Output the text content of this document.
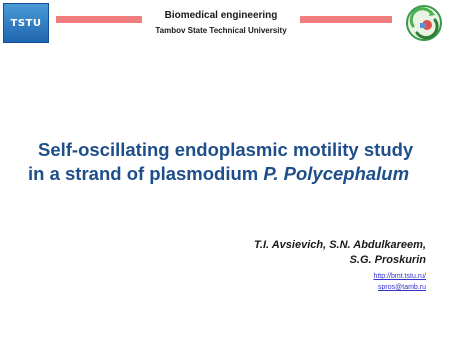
TSTU
Biomedical engineering
Tambov State Technical University
Self-oscillating endoplasmic motility study
in a strand of plasmodium P. Polycephalum
T.I. Avsievich, S.N. Abdulkareem,
S.G. Proskurin
http://bmt.tstu.ru/
spros@tamb.ru
